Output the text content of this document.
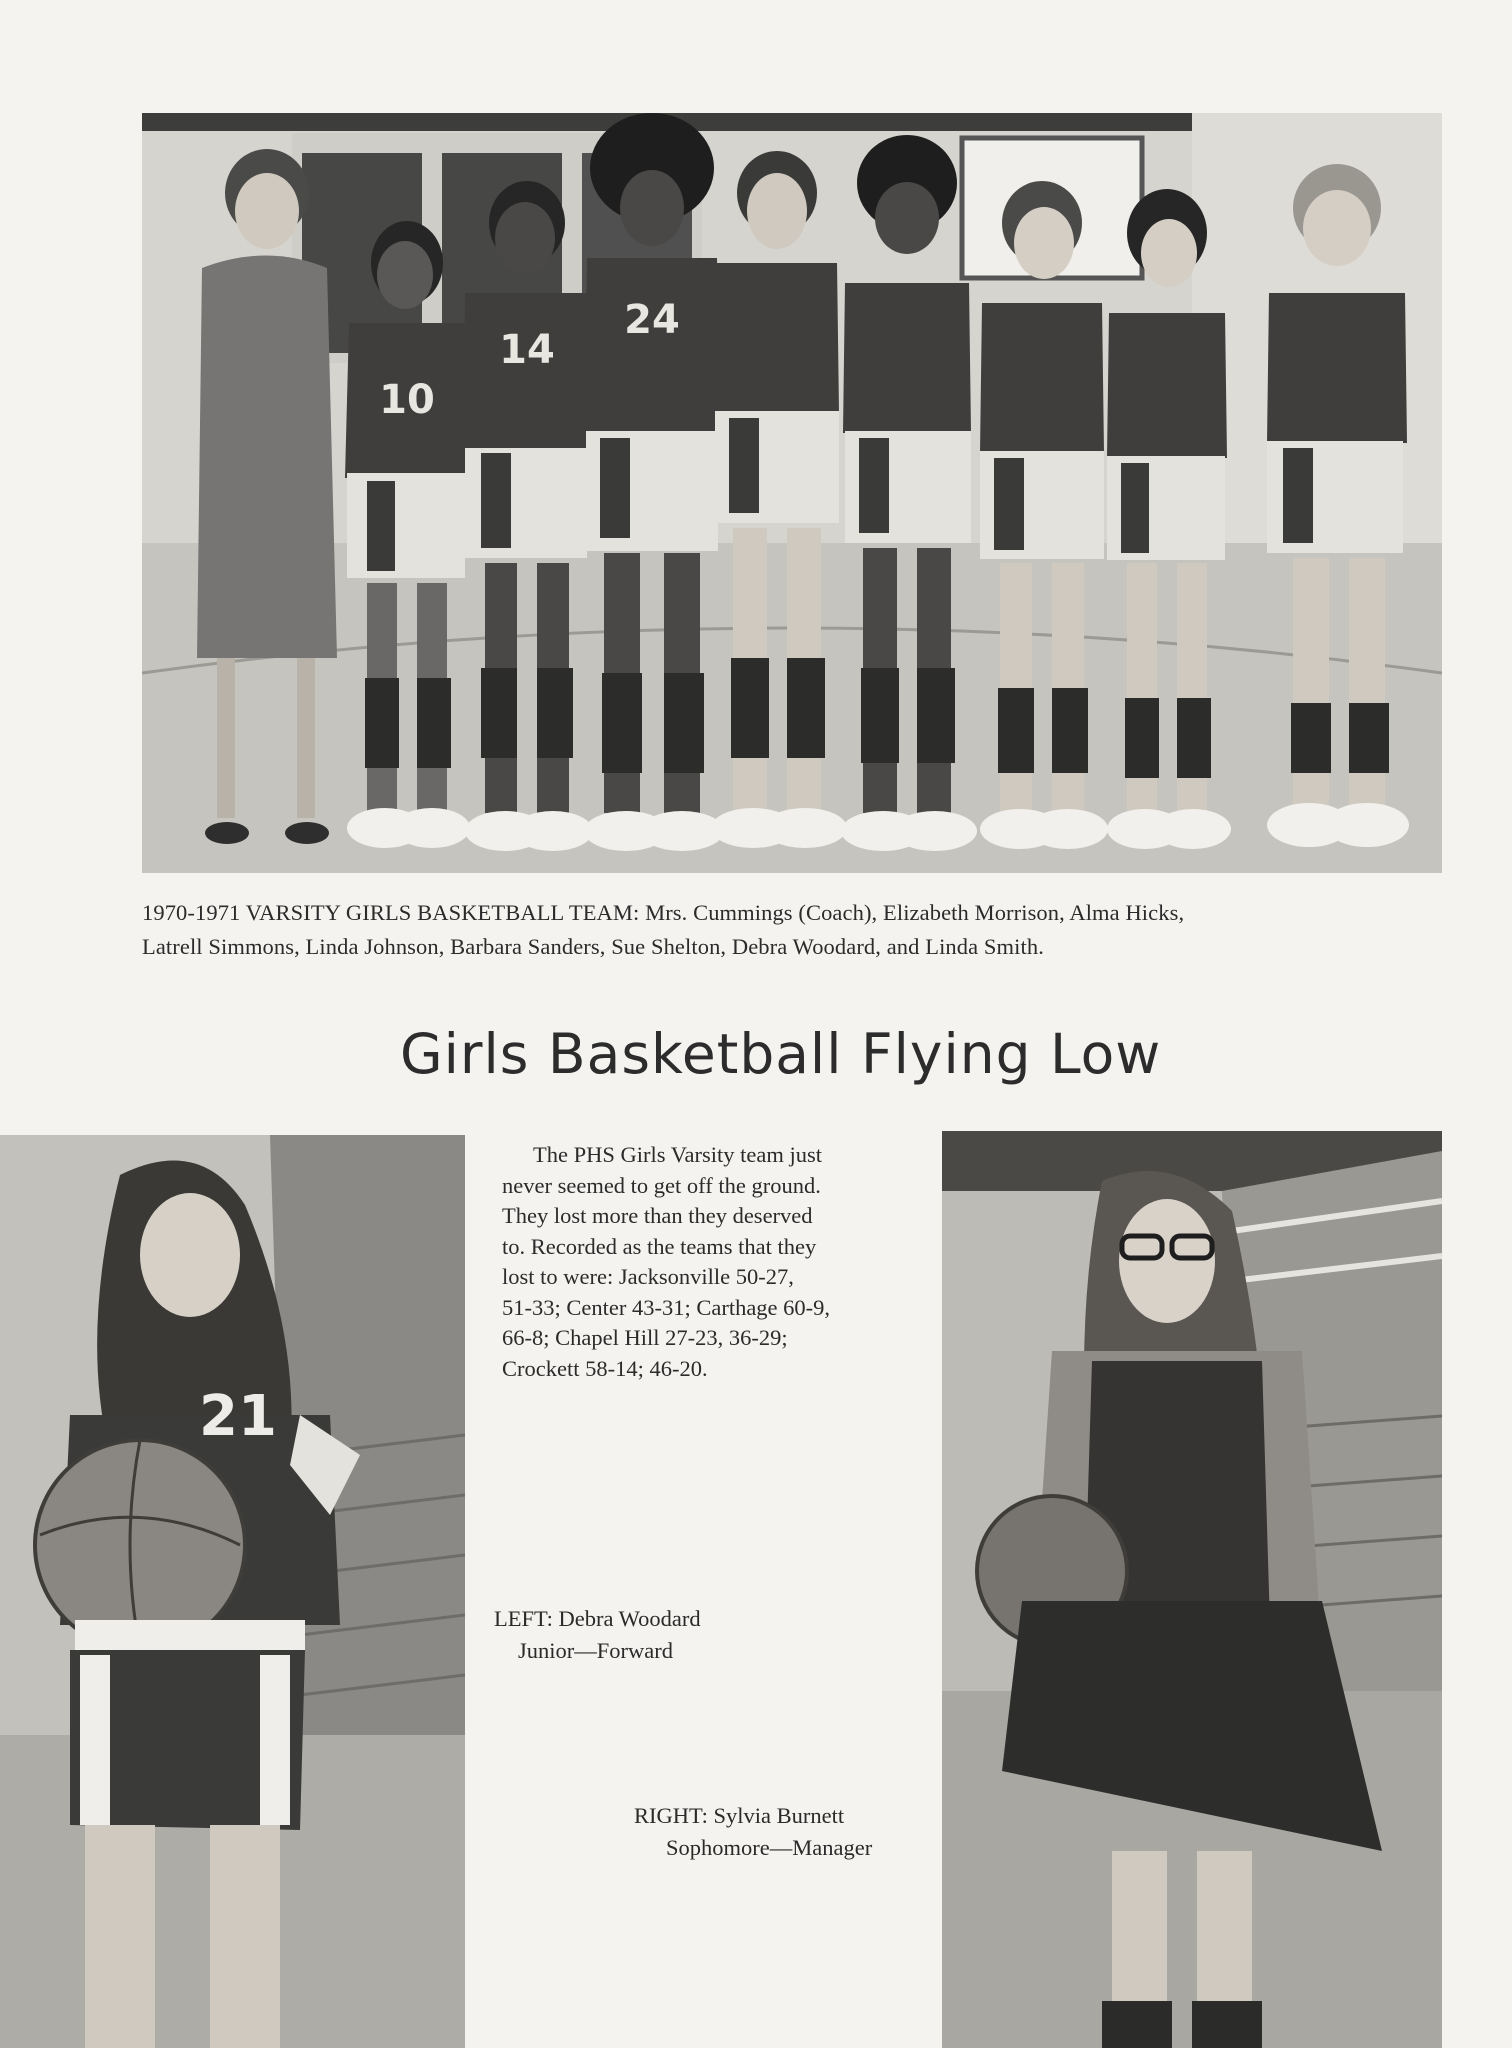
10
14
24

1970-1971 VARSITY GIRLS BASKETBALL TEAM: Mrs. Cummings (Coach), Elizabeth Morrison, Alma Hicks,

Latrell Simmons, Linda Johnson, Barbara Sanders, Sue Shelton, Debra Woodard, and Linda Smith.

Girls Basketball Flying Low
21

The PHS Girls Varsity team just

never seemed to get off the ground.

They lost more than they deserved

to. Recorded as the teams that they

lost to were: Jacksonville 50-27,

51-33; Center 43-31; Carthage 60-9,

66-8; Chapel Hill 27-23, 36-29;

Crockett 58-14; 46-20.

LEFT: Debra Woodard

Junior—Forward

RIGHT: Sylvia Burnett

Sophomore—Manager
